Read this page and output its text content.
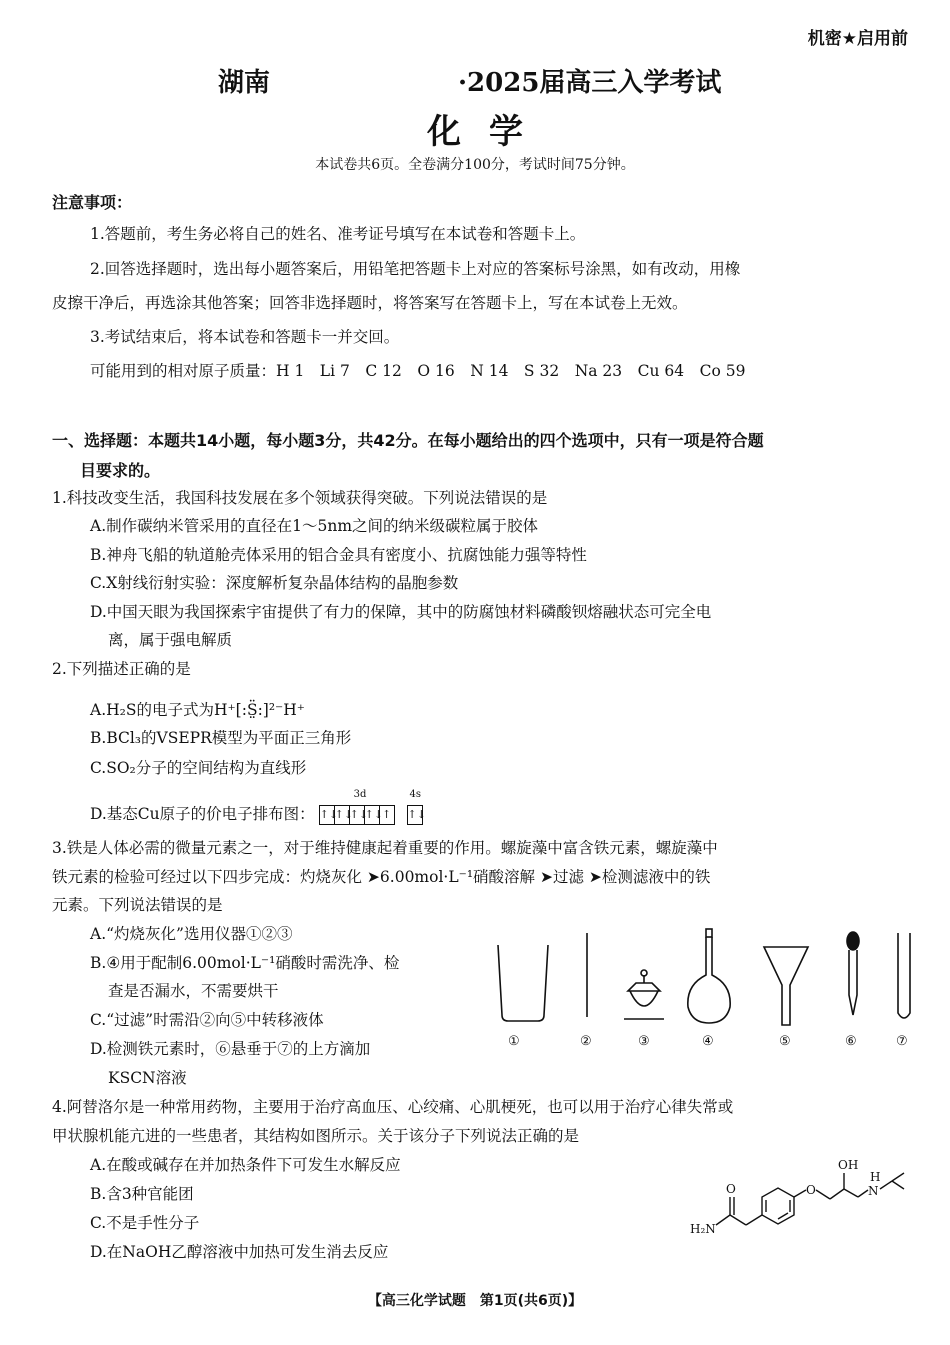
机密★启用前
湖南	·2025届高三入学考试
化学
本试卷共6页。全卷满分100分，考试时间75分钟。
注意事项：
1.答题前，考生务必将自己的姓名、准考证号填写在本试卷和答题卡上。
2.回答选择题时，选出每小题答案后，用铅笔把答题卡上对应的答案标号涂黑，如有改动，用橡
皮擦干净后，再选涂其他答案；回答非选择题时，将答案写在答题卡上，写在本试卷上无效。
3.考试结束后，将本试卷和答题卡一并交回。
可能用到的相对原子质量：H 1　Li 7　C 12　O 16　N 14　S 32　Na 23　Cu 64　Co 59
一、选择题：本题共14小题，每小题3分，共42分。在每小题给出的四个选项中，只有一项是符合题
目要求的。
1.科技改变生活，我国科技发展在多个领域获得突破。下列说法错误的是
A.制作碳纳米管采用的直径在1～5nm之间的纳米级碳粒属于胶体
B.神舟飞船的轨道舱壳体采用的铝合金具有密度小、抗腐蚀能力强等特性
C.X射线衍射实验：深度解析复杂晶体结构的晶胞参数
D.中国天眼为我国探索宇宙提供了有力的保障，其中的防腐蚀材料磷酸钡熔融状态可完全电
离，属于强电解质
2.下列描述正确的是
A.H₂S的电子式为H⁺[:S̤̈:]²⁻H⁺
B.BCl₃的VSEPR模型为平面正三角形
C.SO₂分子的空间结构为直线形
D.基态Cu原子的价电子排布图：
3d
↑↓↑↓↑↓↑↓↑
4s
↑↓
3.铁是人体必需的微量元素之一，对于维持健康起着重要的作用。螺旋藻中富含铁元素，螺旋藻中
铁元素的检验可经过以下四步完成：灼烧灰化 ➤6.00mol·L⁻¹硝酸溶解 ➤过滤 ➤检测滤液中的铁
元素。下列说法错误的是
A.“灼烧灰化”选用仪器①②③
B.④用于配制6.00mol·L⁻¹硝酸时需洗净、检
查是否漏水，不需要烘干
C.“过滤”时需沿②向⑤中转移液体
D.检测铁元素时，⑥悬垂于⑦的上方滴加
KSCN溶液
①	②	③	④	⑤	⑥	⑦
4.阿替洛尔是一种常用药物，主要用于治疗高血压、心绞痛、心肌梗死，也可以用于治疗心律失常或
甲状腺机能亢进的一些患者，其结构如图所示。关于该分子下列说法正确的是
A.在酸或碱存在并加热条件下可发生水解反应
B.含3种官能团
C.不是手性分子
D.在NaOH乙醇溶液中加热可发生消去反应
O
H₂N
O
OH
H
N
【高三化学试题　第1页(共6页)】
